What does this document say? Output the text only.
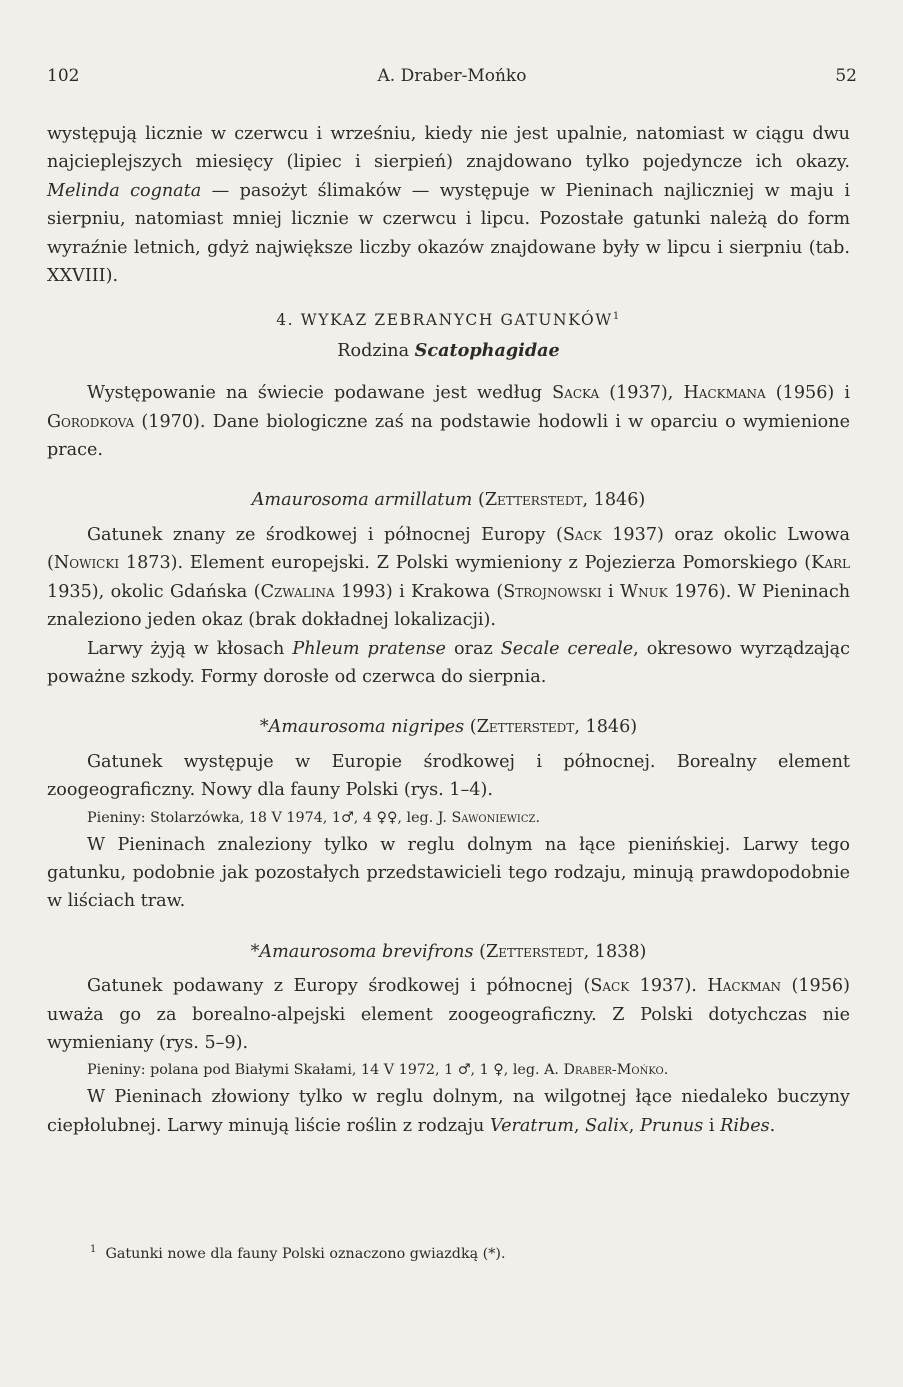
102	A. Draber-Mońko	52

występują licznie w czerwcu i wrześniu, kiedy nie jest upalnie, natomiast w ciągu dwu najcieplejszych miesięcy (lipiec i sierpień) znajdowano tylko pojedyncze ich okazy. Melinda cognata — pasożyt ślimaków — występuje w Pieninach najliczniej w maju i sierpniu, natomiast mniej licznie w czerwcu i lipcu. Pozostałe gatunki należą do form wyraźnie letnich, gdyż największe liczby okazów znajdowane były w lipcu i sierpniu (tab. XXVIII).

4. WYKAZ ZEBRANYCH GATUNKÓW$^1$

Rodzina Scatophagidae

Występowanie na świecie podawane jest według Sacka (1937), Hackmana (1956) i Gorodkova (1970). Dane biologiczne zaś na podstawie hodowli i w oparciu o wymienione prace.

Amaurosoma armillatum (Zetterstedt, 1846)

Gatunek znany ze środkowej i północnej Europy (Sack 1937) oraz okolic Lwowa (Nowicki 1873). Element europejski. Z Polski wymieniony z Pojezierza Pomorskiego (Karl 1935), okolic Gdańska (Czwalina 1993) i Krakowa (Strojnowski i Wnuk 1976). W Pieninach znaleziono jeden okaz (brak dokładnej lokalizacji).

Larwy żyją w kłosach Phleum pratense oraz Secale cereale, okresowo wyrządzając poważne szkody. Formy dorosłe od czerwca do sierpnia.

*Amaurosoma nigripes (Zetterstedt, 1846)

Gatunek występuje w Europie środkowej i północnej. Borealny element zoogeograficzny. Nowy dla fauny Polski (rys. 1–4).

Pieniny: Stolarzówka, 18 V 1974, 1♂, 4 ♀♀, leg. J. Sawoniewicz.

W Pieninach znaleziony tylko w reglu dolnym na łące pienińskiej. Larwy tego gatunku, podobnie jak pozostałych przedstawicieli tego rodzaju, minują prawdopodobnie w liściach traw.

*Amaurosoma brevifrons (Zetterstedt, 1838)

Gatunek podawany z Europy środkowej i północnej (Sack 1937). Hackman (1956) uważa go za borealno-alpejski element zoogeograficzny. Z Polski dotychczas nie wymieniany (rys. 5–9).

Pieniny: polana pod Białymi Skałami, 14 V 1972, 1 ♂, 1 ♀, leg. A. Draber-Mońko.

W Pieninach złowiony tylko w reglu dolnym, na wilgotnej łące niedaleko buczyny ciepłolubnej. Larwy minują liście roślin z rodzaju Veratrum, Salix, Prunus i Ribes.

$^1$ Gatunki nowe dla fauny Polski oznaczono gwiazdką (*).
